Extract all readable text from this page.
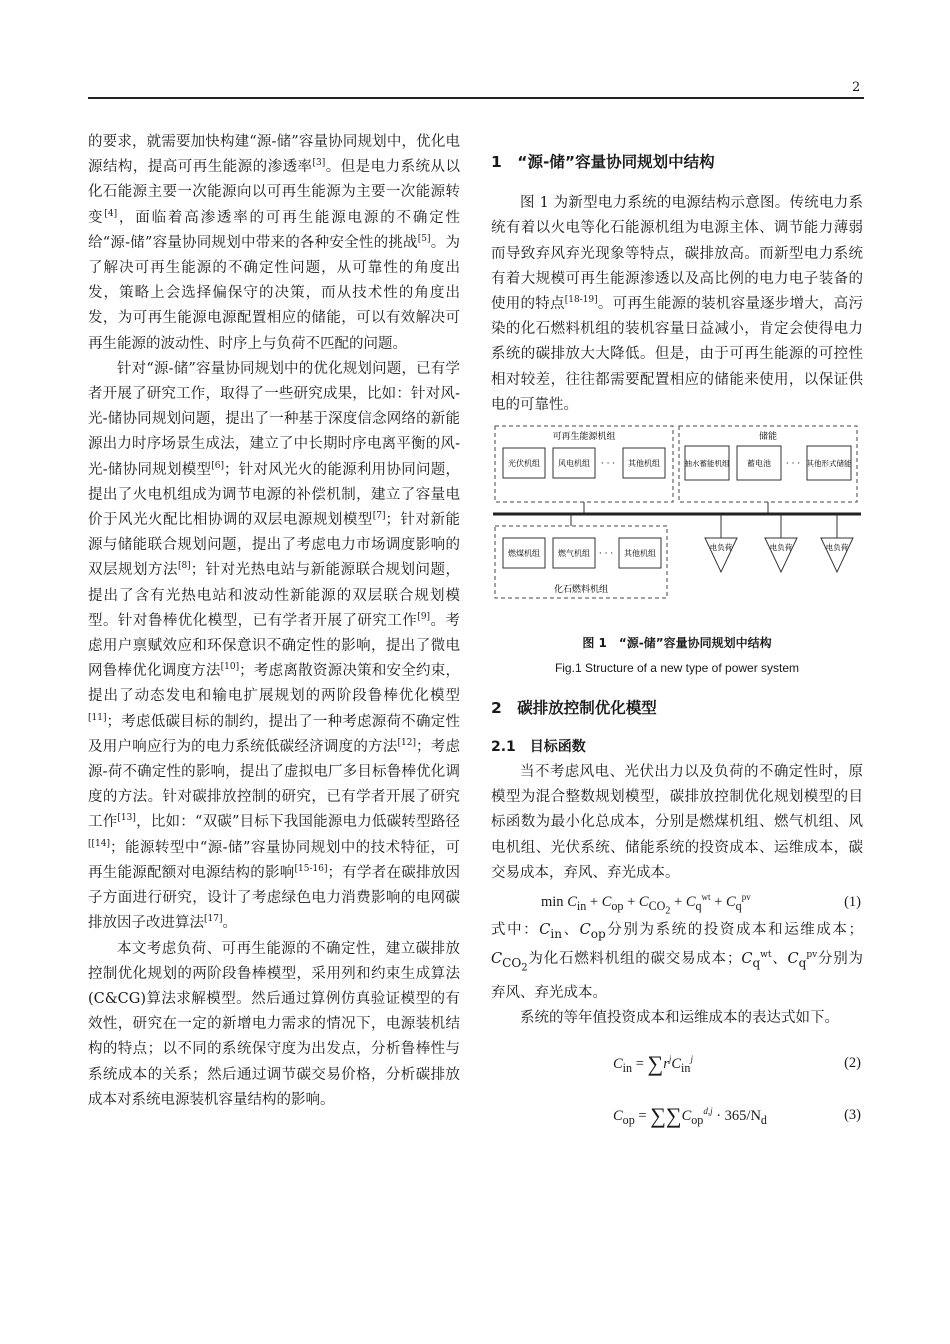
2

的要求，就需要加快构建“源-储”容量协同规划中，优化电源结构，提高可再生能源的渗透率[3]。但是电力系统从以化石能源主要一次能源向以可再生能源为主要一次能源转变[4]，面临着高渗透率的可再生能源电源的不确定性给“源-储”容量协同规划中带来的各种安全性的挑战[5]。为了解决可再生能源的不确定性问题，从可靠性的角度出发，策略上会选择偏保守的决策，而从技术性的角度出发，为可再生能源电源配置相应的储能，可以有效解决可再生能源的波动性、时序上与负荷不匹配的问题。

针对“源-储”容量协同规划中的优化规划问题，已有学者开展了研究工作，取得了一些研究成果，比如：针对风-光-储协同规划问题，提出了一种基于深度信念网络的新能源出力时序场景生成法，建立了中长期时序电离平衡的风-光-储协同规划模型[6]；针对风光火的能源利用协同问题，提出了火电机组成为调节电源的补偿机制，建立了容量电价于风光火配比相协调的双层电源规划模型[7]；针对新能源与储能联合规划问题，提出了考虑电力市场调度影响的双层规划方法[8]；针对光热电站与新能源联合规划问题，提出了含有光热电站和波动性新能源的双层联合规划模型。针对鲁棒优化模型，已有学者开展了研究工作[9]。考虑用户禀赋效应和环保意识不确定性的影响，提出了微电网鲁棒优化调度方法[10]；考虑离散资源决策和安全约束，提出了动态发电和输电扩展规划的两阶段鲁棒优化模型[11]；考虑低碳目标的制约，提出了一种考虑源荷不确定性及用户响应行为的电力系统低碳经济调度的方法[12]；考虑源-荷不确定性的影响，提出了虚拟电厂多目标鲁棒优化调度的方法。针对碳排放控制的研究，已有学者开展了研究工作[13]，比如：“双碳”目标下我国能源电力低碳转型路径[[14]；能源转型中“源-储”容量协同规划中的技术特征，可再生能源配额对电源结构的影响[15-16]；有学者在碳排放因子方面进行研究，设计了考虑绿色电力消费影响的电网碳排放因子改进算法[17]。

本文考虑负荷、可再生能源的不确定性，建立碳排放控制优化规划的两阶段鲁棒模型，采用列和约束生成算法(C&CG)算法求解模型。然后通过算例仿真验证模型的有效性，研究在一定的新增电力需求的情况下，电源装机结构的特点；以不同的系统保守度为出发点，分析鲁棒性与系统成本的关系；然后通过调节碳交易价格，分析碳排放成本对系统电源装机容量结构的影响。

1　“源-储”容量协同规划中结构

图 1 为新型电力系统的电源结构示意图。传统电力系统有着以火电等化石能源机组为电源主体、调节能力薄弱而导致弃风弃光现象等特点，碳排放高。而新型电力系统有着大规模可再生能源渗透以及高比例的电力电子装备的使用的特点[18-19]。可再生能源的装机容量逐步增大，高污染的化石燃料机组的装机容量日益减小，肯定会使得电力系统的碳排放大大降低。但是，由于可再生能源的可控性相对较差，往往都需要配置相应的储能来使用，以保证供电的可靠性。

可再生能源机组
光伏机组 风电机组 · · · 其他机组
储能
抽水蓄能机组 蓄电池 · · · 其他形式储能
燃煤机组 燃气机组 · · · 其他机组
化石燃料机组
电负荷	电负荷	电负荷

图 1　“源-储”容量协同规划中结构

Fig.1 Structure of a new type of power system

2　碳排放控制优化模型

2.1　目标函数

当不考虑风电、光伏出力以及负荷的不确定性时，原模型为混合整数规划模型，碳排放控制优化规划模型的目标函数为最小化总成本，分别是燃煤机组、燃气机组、风电机组、光伏系统、储能系统的投资成本、运维成本，碳交易成本，弃风、弃光成本。

$\min C_{in} + C_{op} + C_{CO_2} + C_q^{wt} + C_q^{pv}$	(1)

式中：$C_{in}$、$C_{op}$分别为系统的投资成本和运维成本；$C_{CO_2}$为化石燃料机组的碳交易成本；$C_q^{wt}$、$C_q^{pv}$分别为弃风、弃光成本。

系统的等年值投资成本和运维成本的表达式如下。

$C_{in} = \sum r^jC_{in}^j$	(2)
$C_{op} = \sum\sum C_{op}^{d,j} \cdot 365/N_d$	(3)
